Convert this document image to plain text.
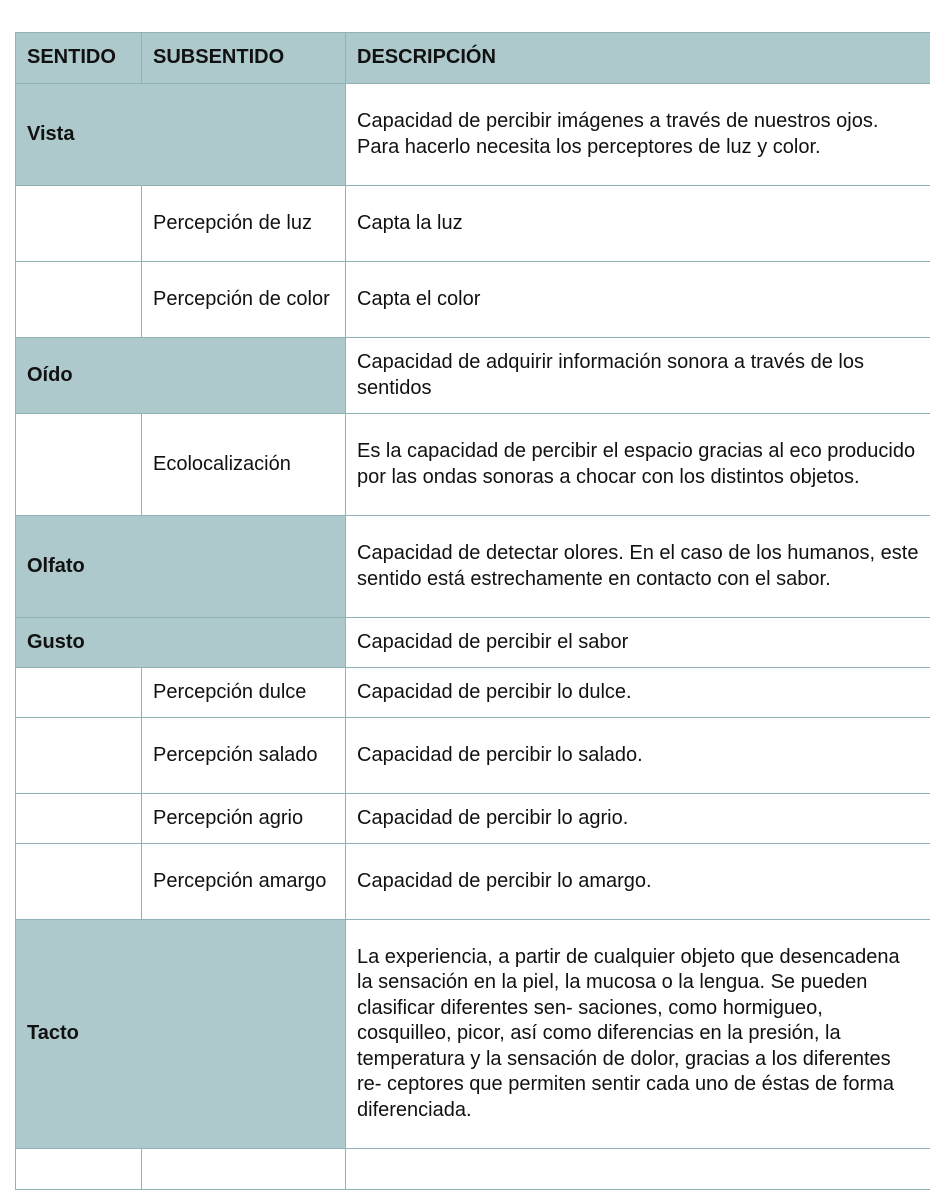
SENTIDO	SUBSENTIDO	DESCRIPCIÓN
Vista		Capacidad de percibir imágenes a través de nuestros ojos. Para hacerlo necesita los perceptores de luz y color.
	Percepción de luz	Capta la luz
	Percepción de color	Capta el color
Oído		Capacidad de adquirir información sonora a través de los sentidos
	Ecolocalización	Es la capacidad de percibir el espacio gracias al eco producido por las ondas sonoras a chocar con los distintos objetos.
Olfato		Capacidad de detectar olores. En el caso de los humanos, este sentido está estrechamente en contacto con el sabor.
Gusto		Capacidad de percibir el sabor
	Percepción dulce	Capacidad de percibir lo dulce.
	Percepción salado	Capacidad de percibir lo salado.
	Percepción agrio	Capacidad de percibir lo agrio.
	Percepción amargo	Capacidad de percibir lo amargo.
Tacto		La experiencia, a partir de cualquier objeto que desencadena la sensación en la piel, la mucosa o la lengua. Se pueden clasificar diferentes sen- saciones, como hormigueo, cosquilleo, picor, así como diferencias en la presión, la temperatura y la sensación de dolor, gracias a los diferentes re- ceptores que permiten sentir cada uno de éstas de forma diferenciada.
